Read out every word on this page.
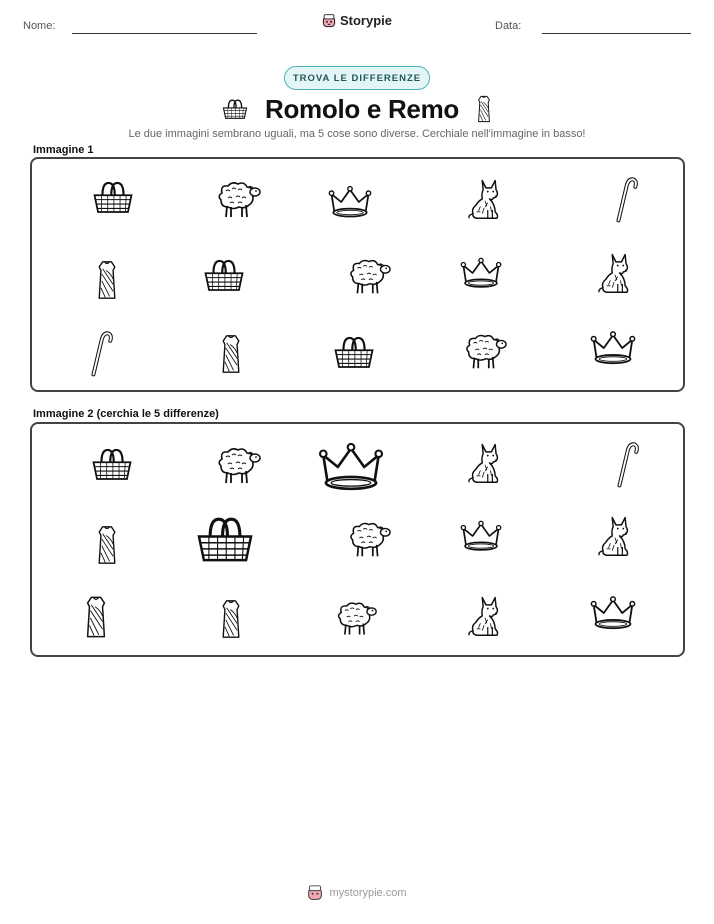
Nome:	Storypie	Data:
TROVA LE DIFFERENZE
Romolo e Remo
Le due immagini sembrano uguali, ma 5 cose sono diverse. Cerchiale nell'immagine in basso!
Immagine 1
Immagine 2 (cerchia le 5 differenze)
mystorypie.com
